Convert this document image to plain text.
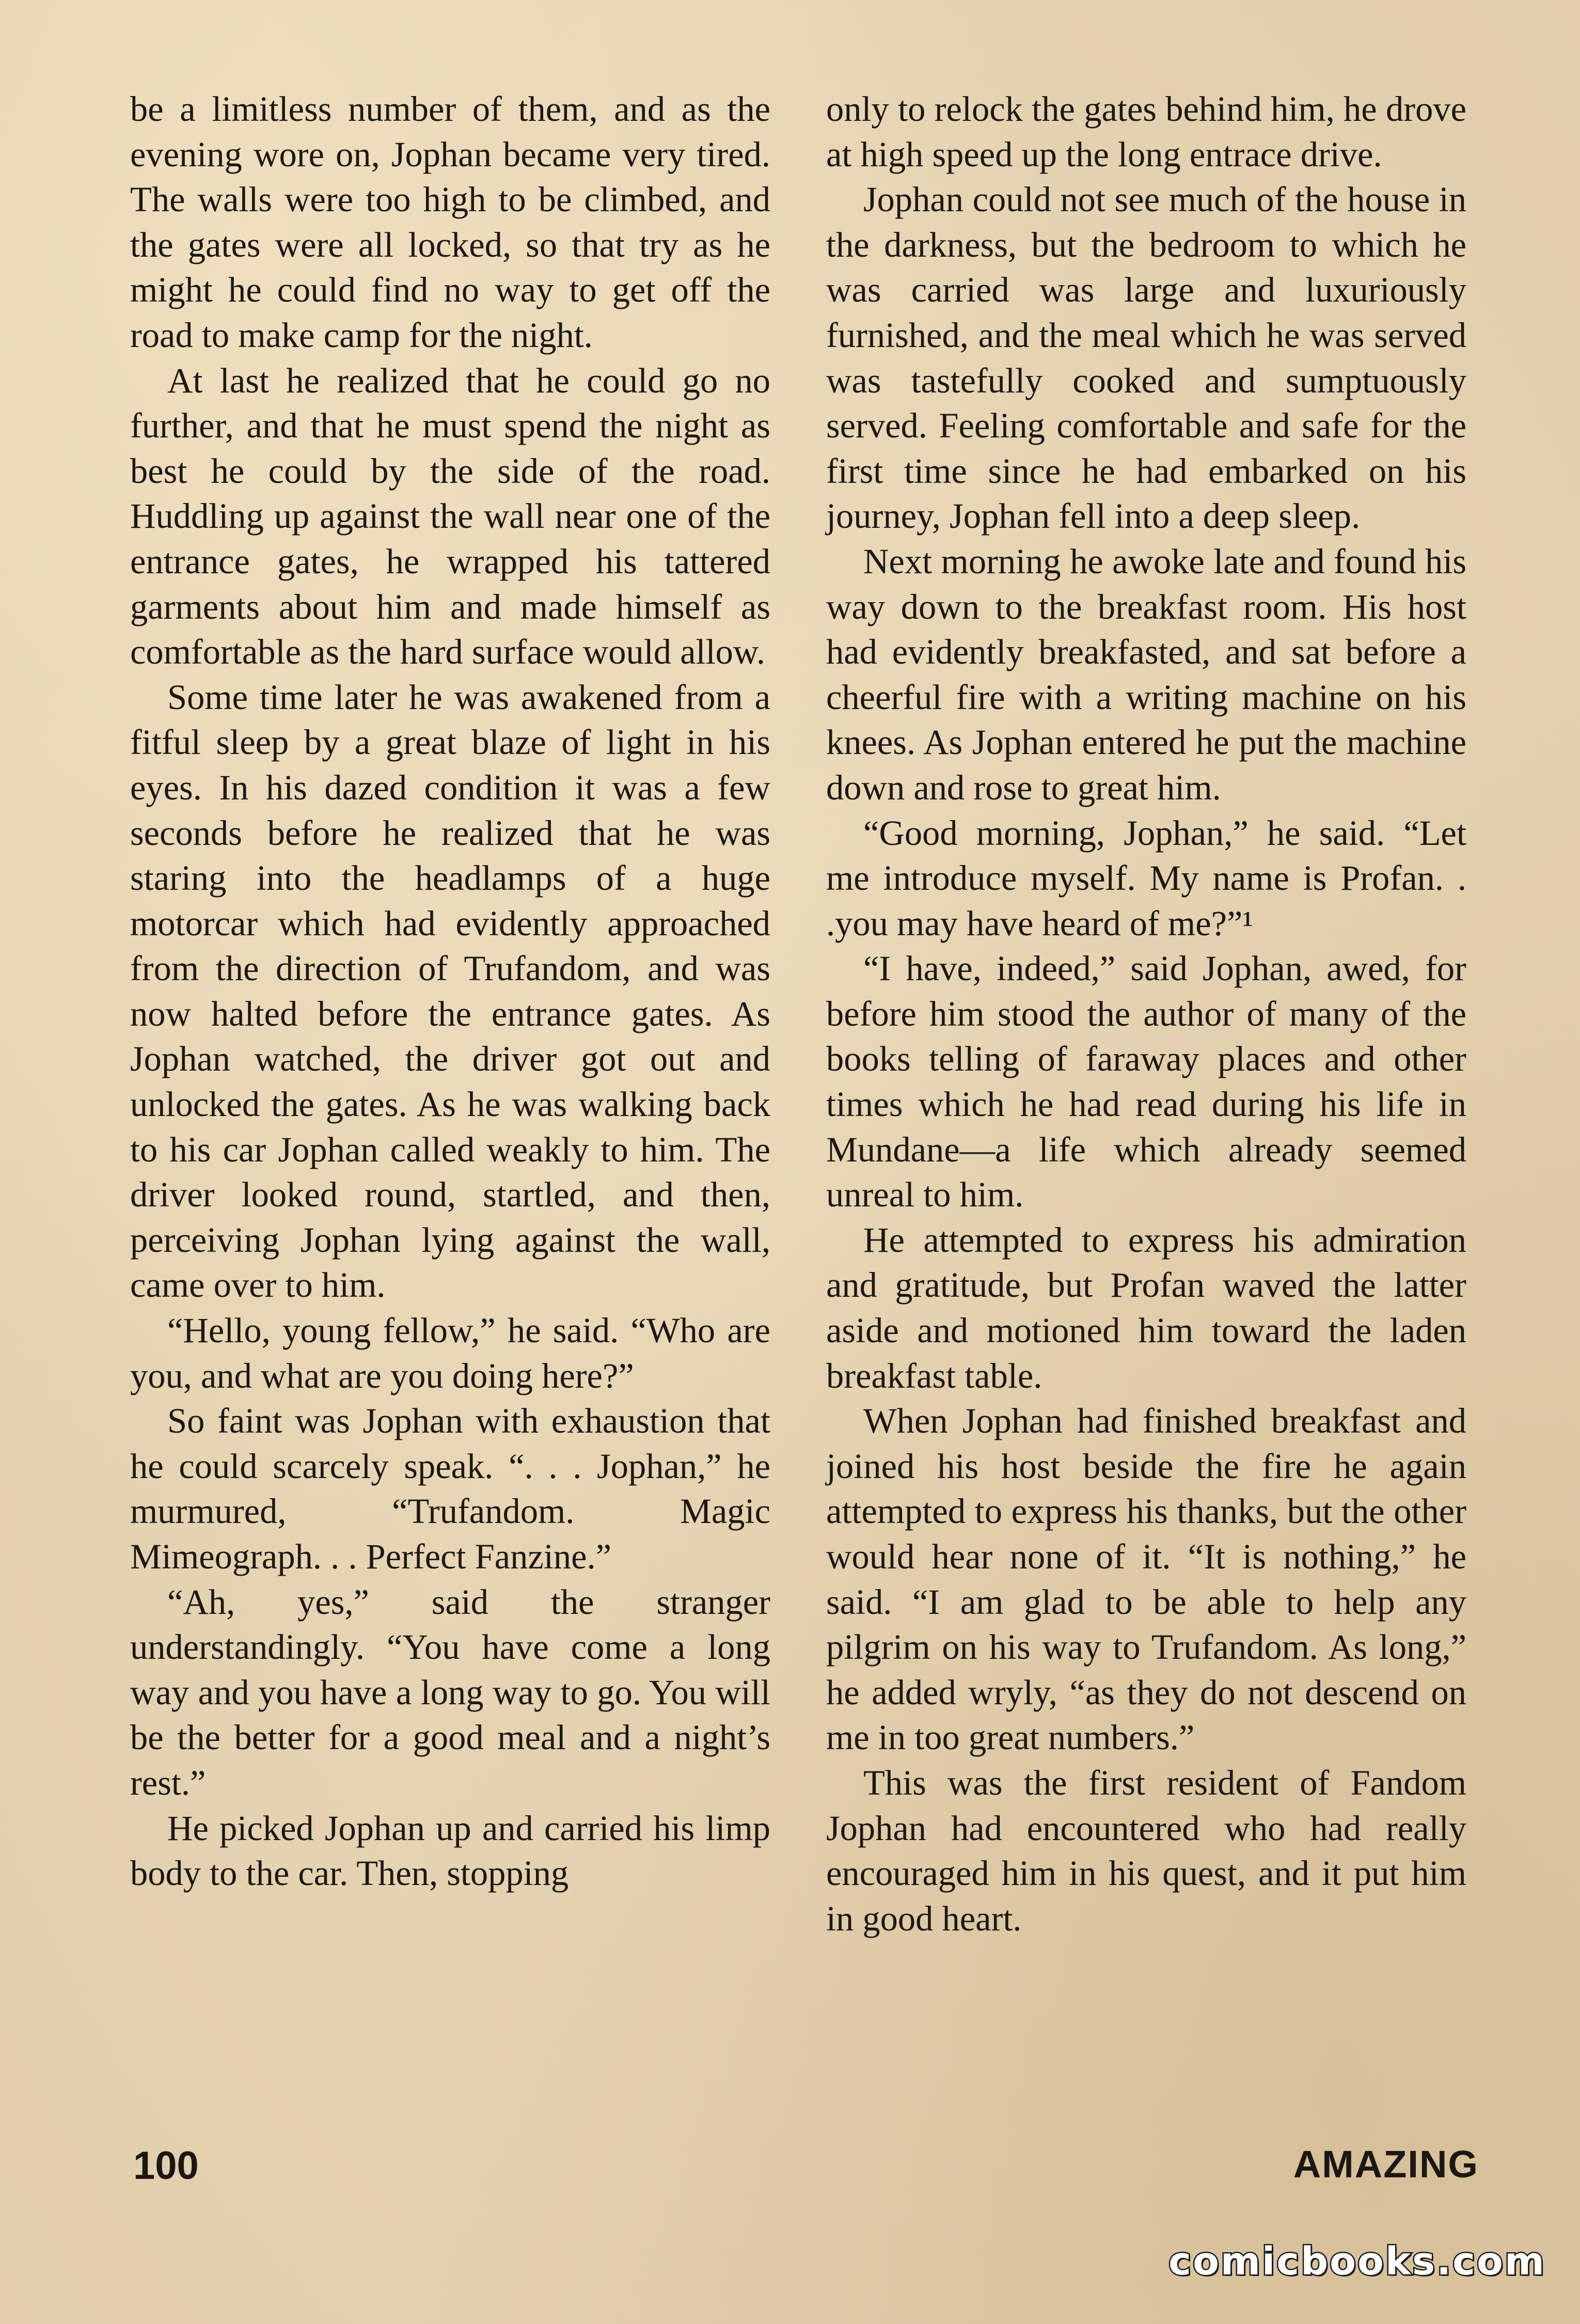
be a limitless number of them, and as the evening wore on, Jophan became very tired. The walls were too high to be climbed, and the gates were all locked, so that try as he might he could find no way to get off the road to make camp for the night.

At last he realized that he could go no further, and that he must spend the night as best he could by the side of the road. Huddling up against the wall near one of the entrance gates, he wrapped his tattered garments about him and made himself as comfortable as the hard surface would allow.

Some time later he was awakened from a fitful sleep by a great blaze of light in his eyes. In his dazed condition it was a few seconds before he realized that he was staring into the headlamps of a huge motorcar which had evidently approached from the direction of Trufandom, and was now halted before the entrance gates. As Jophan watched, the driver got out and unlocked the gates. As he was walking back to his car Jophan called weakly to him. The driver looked round, startled, and then, perceiving Jophan lying against the wall, came over to him.

“Hello, young fellow,” he said. “Who are you, and what are you doing here?”

So faint was Jophan with exhaustion that he could scarcely speak. “. . . Jophan,” he murmured, “Trufandom. Magic Mimeograph. . . Perfect Fanzine.”

“Ah, yes,” said the stranger understandingly. “You have come a long way and you have a long way to go. You will be the better for a good meal and a night’s rest.”

He picked Jophan up and carried his limp body to the car. Then, stopping

only to relock the gates behind him, he drove at high speed up the long entrace drive.

Jophan could not see much of the house in the darkness, but the bedroom to which he was carried was large and luxuriously furnished, and the meal which he was served was tastefully cooked and sumptuously served. Feeling comfortable and safe for the first time since he had embarked on his journey, Jophan fell into a deep sleep.

Next morning he awoke late and found his way down to the breakfast room. His host had evidently breakfasted, and sat before a cheerful fire with a writing machine on his knees. As Jophan entered he put the machine down and rose to great him.

“Good morning, Jophan,” he said. “Let me introduce myself. My name is Profan. . .you may have heard of me?”¹

“I have, indeed,” said Jophan, awed, for before him stood the author of many of the books telling of faraway places and other times which he had read during his life in Mundane—a life which already seemed unreal to him.

He attempted to express his admiration and gratitude, but Profan waved the latter aside and motioned him toward the laden breakfast table.

When Jophan had finished breakfast and joined his host beside the fire he again attempted to express his thanks, but the other would hear none of it. “It is nothing,” he said. “I am glad to be able to help any pilgrim on his way to Trufandom. As long,” he added wryly, “as they do not descend on me in too great numbers.”

This was the first resident of Fandom Jophan had encountered who had really encouraged him in his quest, and it put him in good heart.

100	AMAZING
comicbooks.com
